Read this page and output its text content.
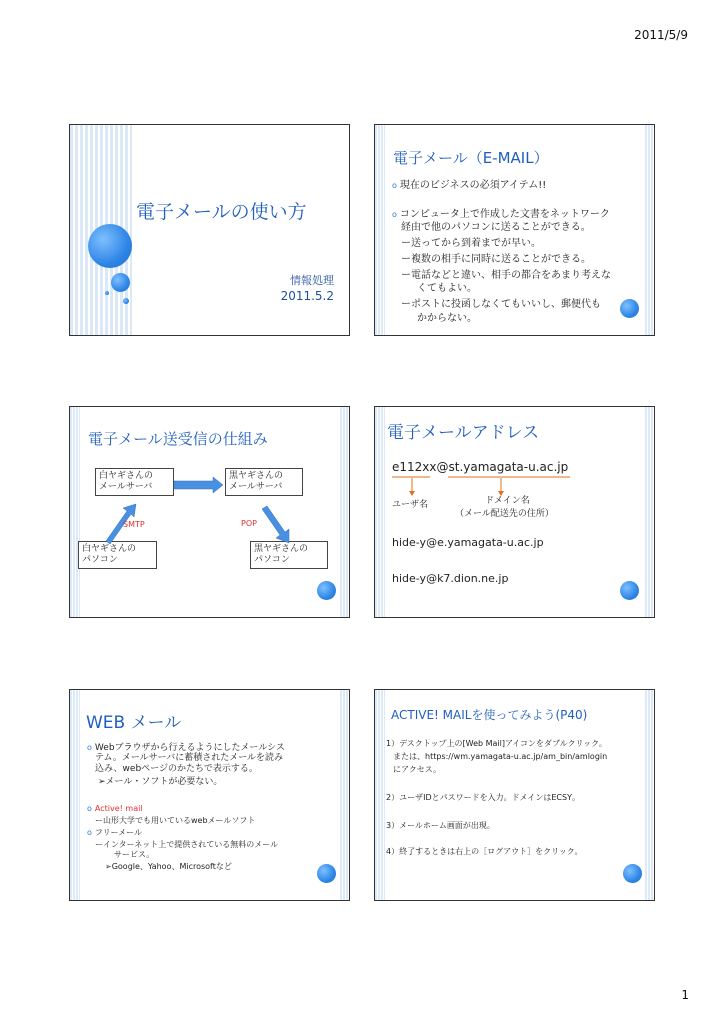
2011/5/9
電子メールの使い方
情報処理
2011.5.2
電子メール（E-MAIL）
o 現在のビジネスの必須アイテム!!
o コンピュータ上で作成した文書をネットワーク
経由で他のパソコンに送ることができる。
ー送ってから到着までが早い。
ー複数の相手に同時に送ることができる。
ー電話などと違い、相手の都合をあまり考えな
くてもよい。
ーポストに投函しなくてもいいし、郵便代も
かからない。
電子メール送受信の仕組み
白ヤギさんの
メールサーバ
黒ヤギさんの
メールサーバ
白ヤギさんの
パソコン
黒ヤギさんの
パソコン
SMTP	POP
電子メールアドレス
e112xx@st.yamagata-u.ac.jp
ユーザ名	ドメイン名
（メール配送先の住所）
hide-y@e.yamagata-u.ac.jp
hide-y@k7.dion.ne.jp
WEB メール
o Webブラウザから行えるようにしたメールシス
テム。メールサーバに蓄積されたメールを読み
込み、webページのかたちで表示する。
➢メール・ソフトが必要ない。
o Active! mail
ー山形大学でも用いているwebメールソフト
o フリーメール
ーインターネット上で提供されている無料のメール
サービス。
➢Google、Yahoo、Microsoftなど
ACTIVE! MAILを使ってみよう(P40)
1）デスクトップ上の[Web Mail]アイコンをダブルクリック。
または、https://wm.yamagata-u.ac.jp/am_bin/amlogin
にアクセス。
2）ユーザIDとパスワードを入力。ドメインはECSY。
3）メールホーム画面が出現。
4）終了するときは右上の［ログアウト］をクリック。
1
